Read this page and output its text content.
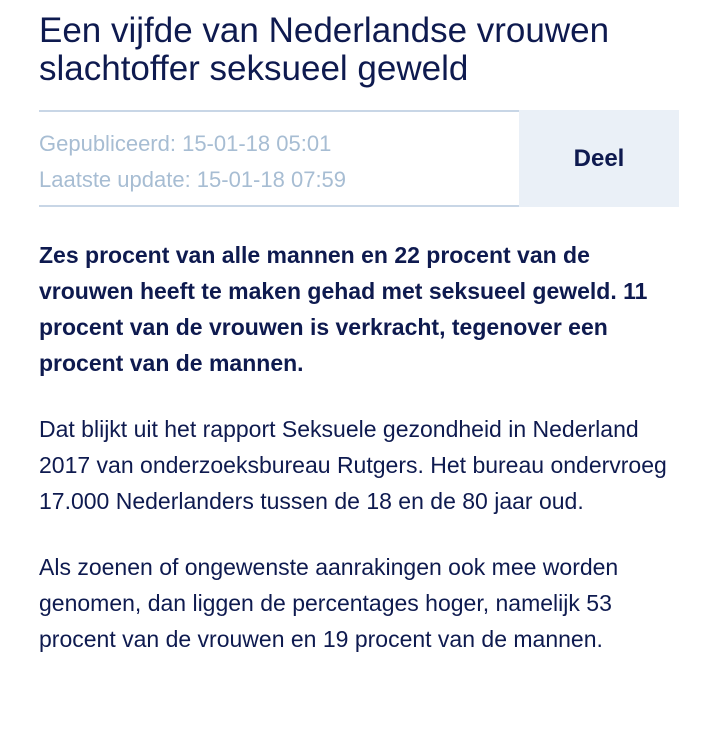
Een vijfde van Nederlandse vrouwen slachtoffer seksueel geweld
Gepubliceerd: 15-01-18 05:01
Laatste update: 15-01-18 07:59
Deel

Zes procent van alle mannen en 22 procent van de vrouwen heeft te maken gehad met seksueel geweld. 11 procent van de vrouwen is verkracht, tegenover een procent van de mannen.

Dat blijkt uit het rapport Seksuele gezondheid in Nederland 2017 van onderzoeksbureau Rutgers. Het bureau ondervroeg 17.000 Nederlanders tussen de 18 en de 80 jaar oud.

Als zoenen of ongewenste aanrakingen ook mee worden genomen, dan liggen de percentages hoger, namelijk 53 procent van de vrouwen en 19 procent van de mannen.
